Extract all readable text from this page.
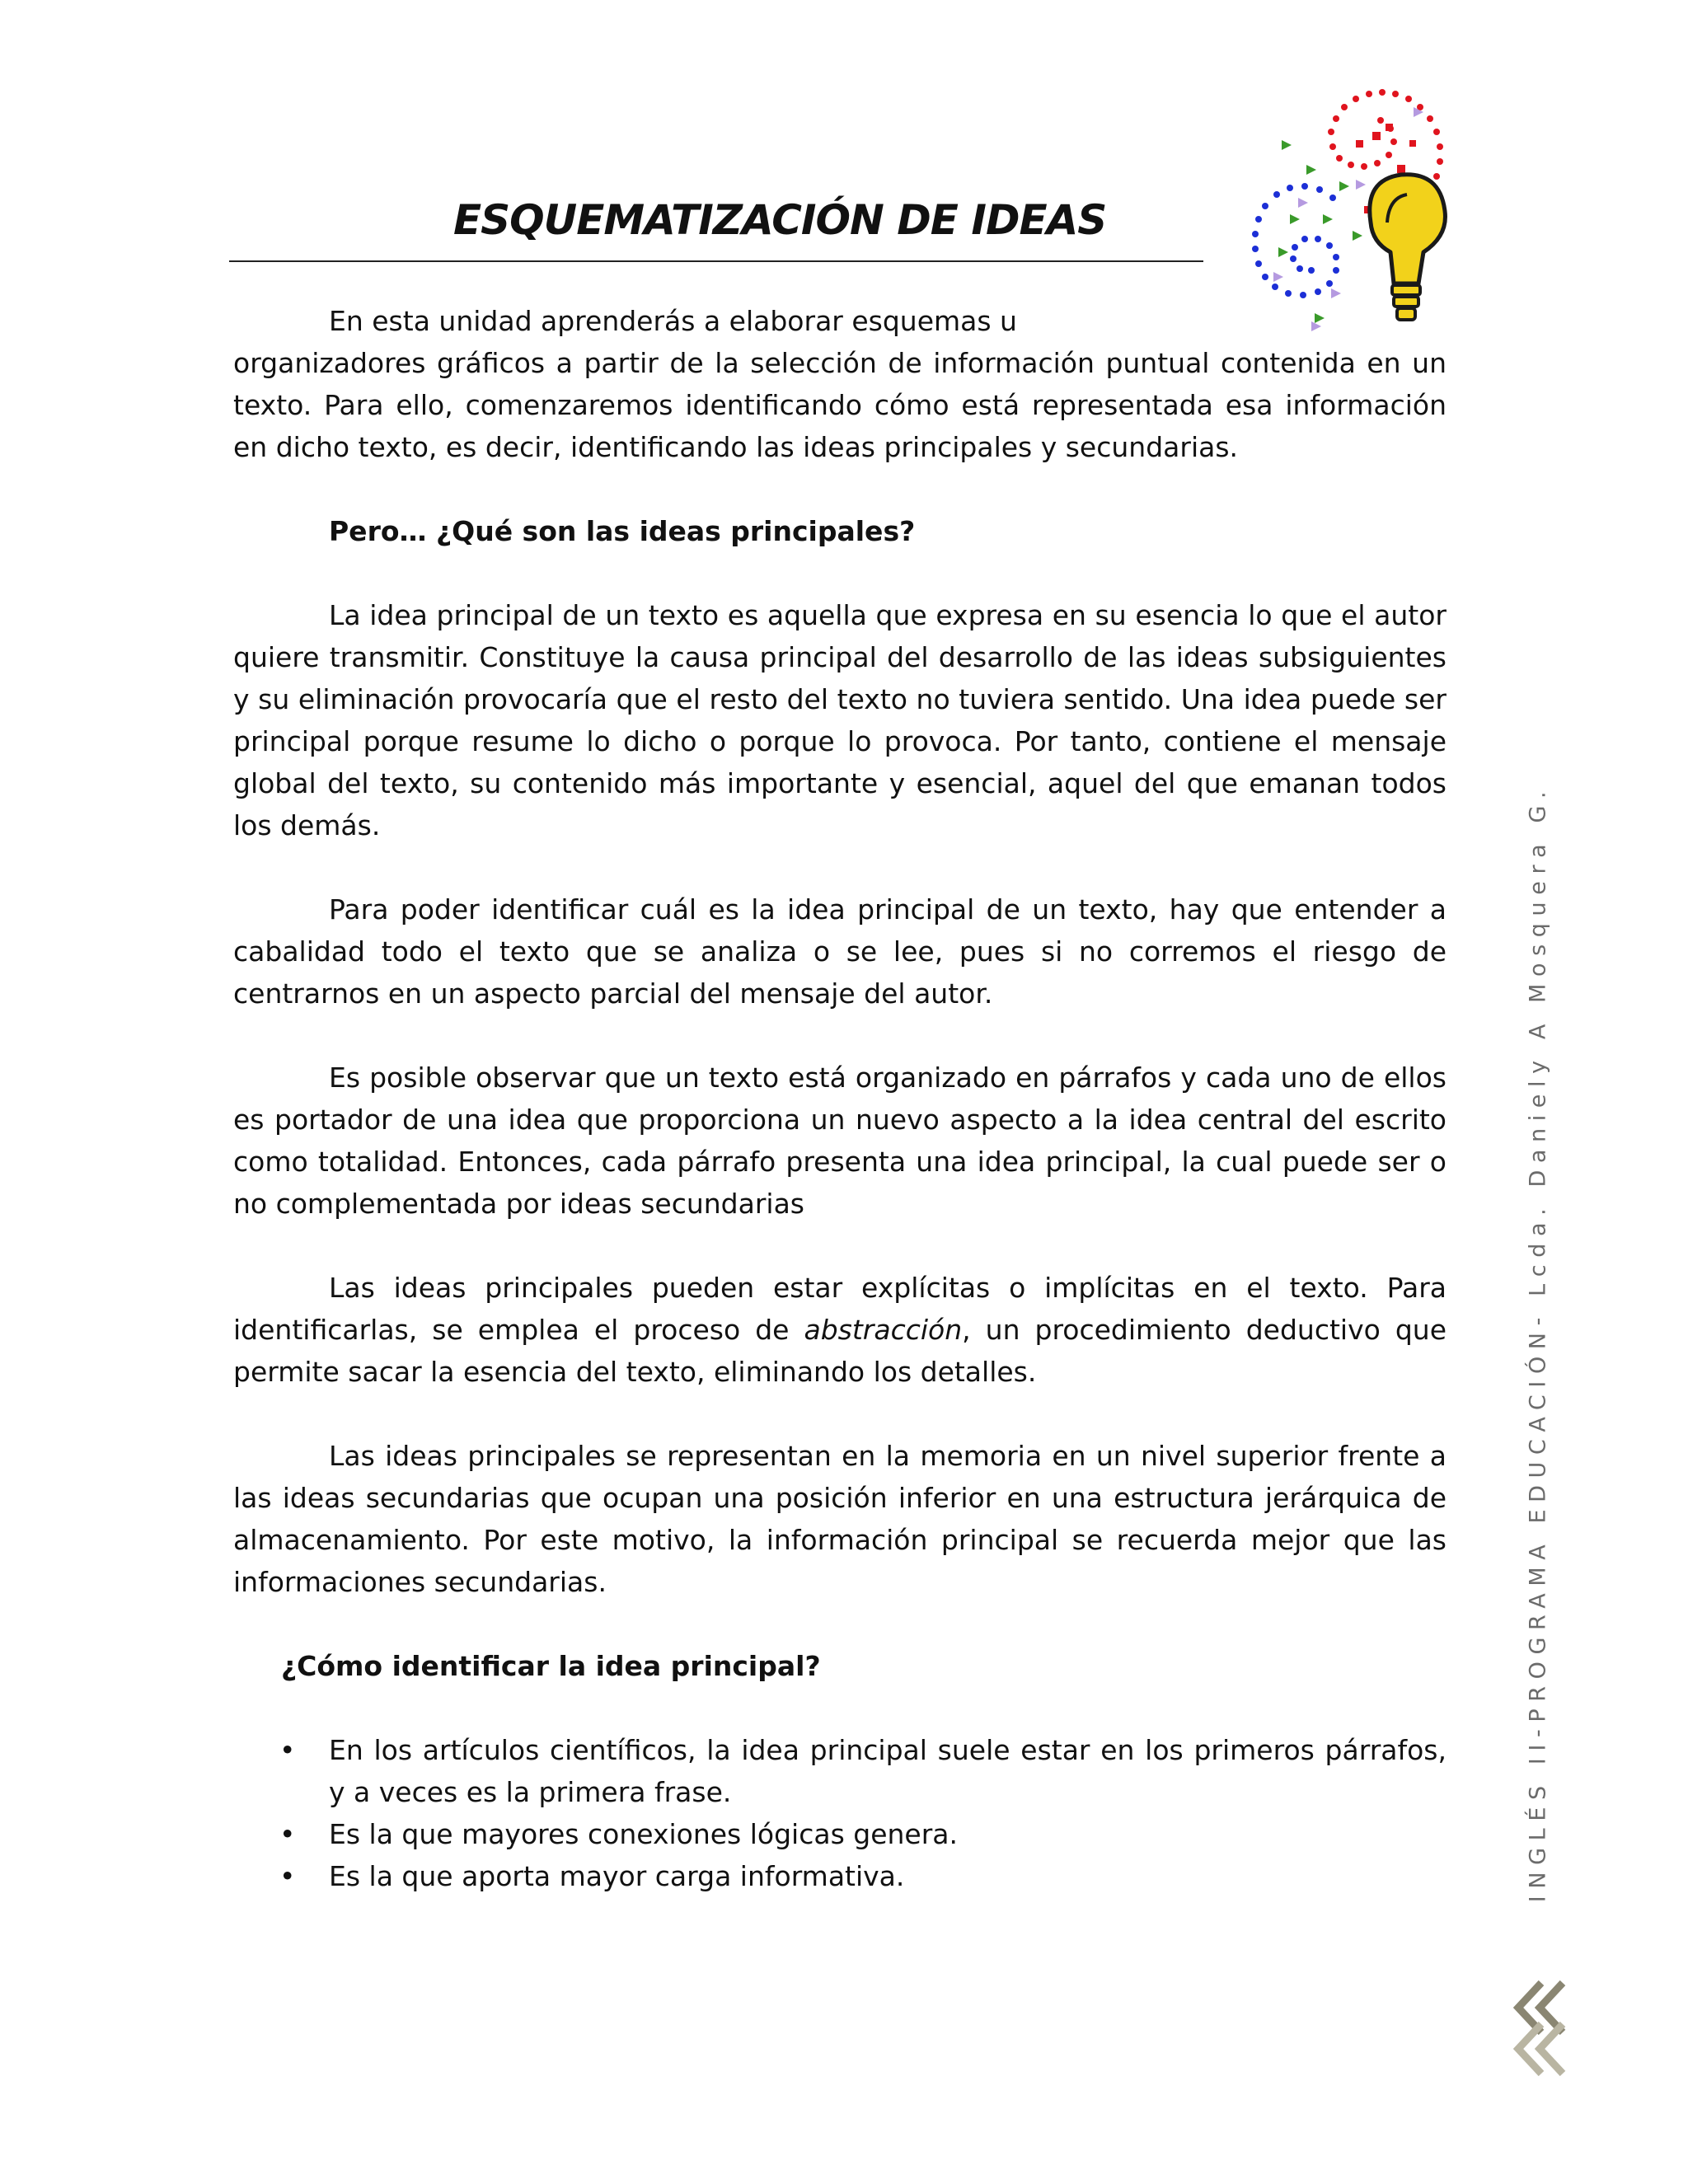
ESQUEMATIZACIÓN DE IDEAS

En esta unidad aprenderás a elaborar esquemas u

organizadores gráficos a partir de la selección de información puntual contenida en un texto. Para ello, comenzaremos identificando cómo está representada esa información en dicho texto, es decir, identificando las ideas principales y secundarias.

Pero… ¿Qué son las ideas principales?

La idea principal de un texto es aquella que expresa en su esencia lo que el autor quiere transmitir. Constituye la causa principal del desarrollo de las ideas subsiguientes y su eliminación provocaría que el resto del texto no tuviera sentido. Una idea puede ser principal porque resume lo dicho o porque lo provoca. Por tanto, contiene el mensaje global del texto, su contenido más importante y esencial, aquel del que emanan todos los demás.

Para poder identificar cuál es la idea principal de un texto, hay que entender a cabalidad todo el texto que se analiza o se lee, pues si no corremos el riesgo de centrarnos en un aspecto parcial del mensaje del autor.

Es posible observar que un texto está organizado en párrafos y cada uno de ellos es portador de una idea que proporciona un nuevo aspecto a la idea central del escrito como totalidad. Entonces, cada párrafo presenta una idea principal, la cual puede ser o no complementada por ideas secundarias

Las ideas principales pueden estar explícitas o implícitas en el texto. Para identificarlas, se emplea el proceso de abstracción, un procedimiento deductivo que permite sacar la esencia del texto, eliminando los detalles.

Las ideas principales se representan en la memoria en un nivel superior frente a las ideas secundarias que ocupan una posición inferior en una estructura jerárquica de almacenamiento. Por este motivo, la información principal se recuerda mejor que las informaciones secundarias.

¿Cómo identificar la idea principal?

• En los artículos científicos, la idea principal suele estar en los primeros párrafos, y a veces es la primera frase.
• Es la que mayores conexiones lógicas genera.
• Es la que aporta mayor carga informativa.	INGLÉS II-PROGRAMA EDUCACIÓN- Lcda. Daniely A Mosquera G.
